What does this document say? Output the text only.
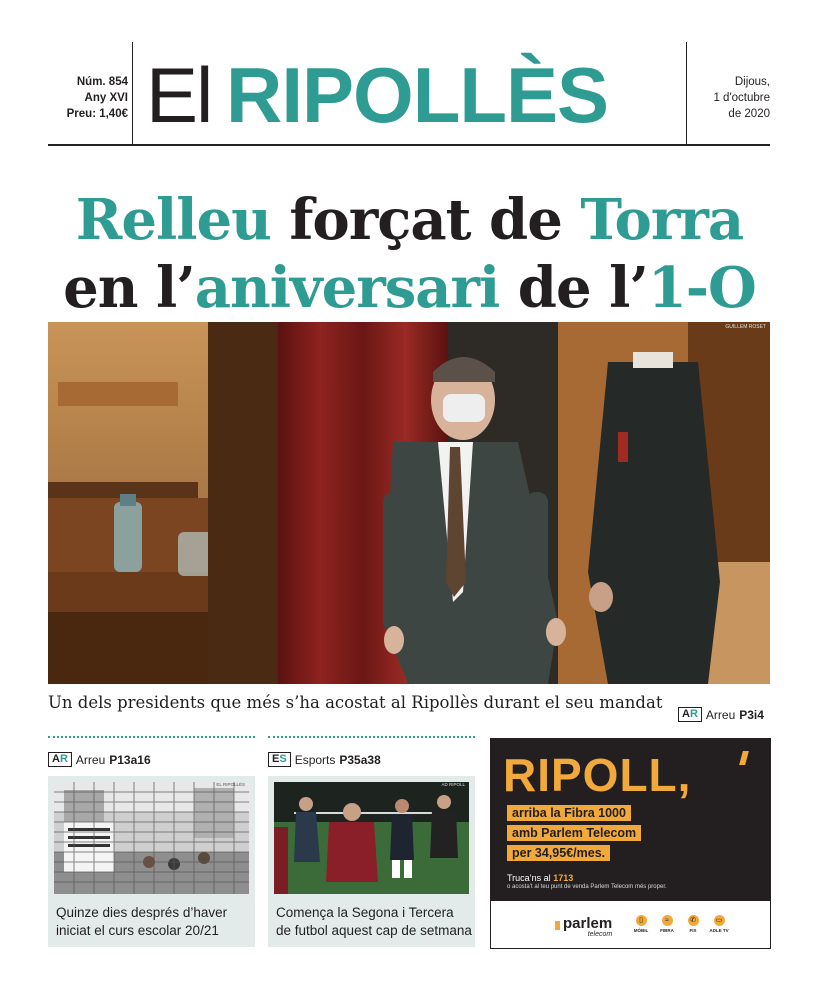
Núm. 854
Any XVI
Preu: 1,40€ El RIPOLLÈS	Dijous,
1 d'octubre
de 2020
Relleu forçat de Torra
en l’aniversari de l’1-O
GUILLEM ROSET
Un dels presidents que més s’ha acostat al Ripollès durant el seu mandat
AR Arreu P3i4
AR Arreu P13a16
EL RIPOLLÈS
Quinze dies després d’haver iniciat el curs escolar 20/21
ES Esports P35a38
AD RIPOLL
Comença la Segona i Tercera de futbol aquest cap de setmana
RIPOLL,
arriba la Fibra 1000
amb Parlem Telecom
per 34,95€/mes.
Truca’ns al 1713
o acosta’t al teu punt de venda Parlem Telecom més proper.
parlem
telecom
▯
MÒBIL
≈
FIBRA
✆
FIX
▭
ADLE TV
